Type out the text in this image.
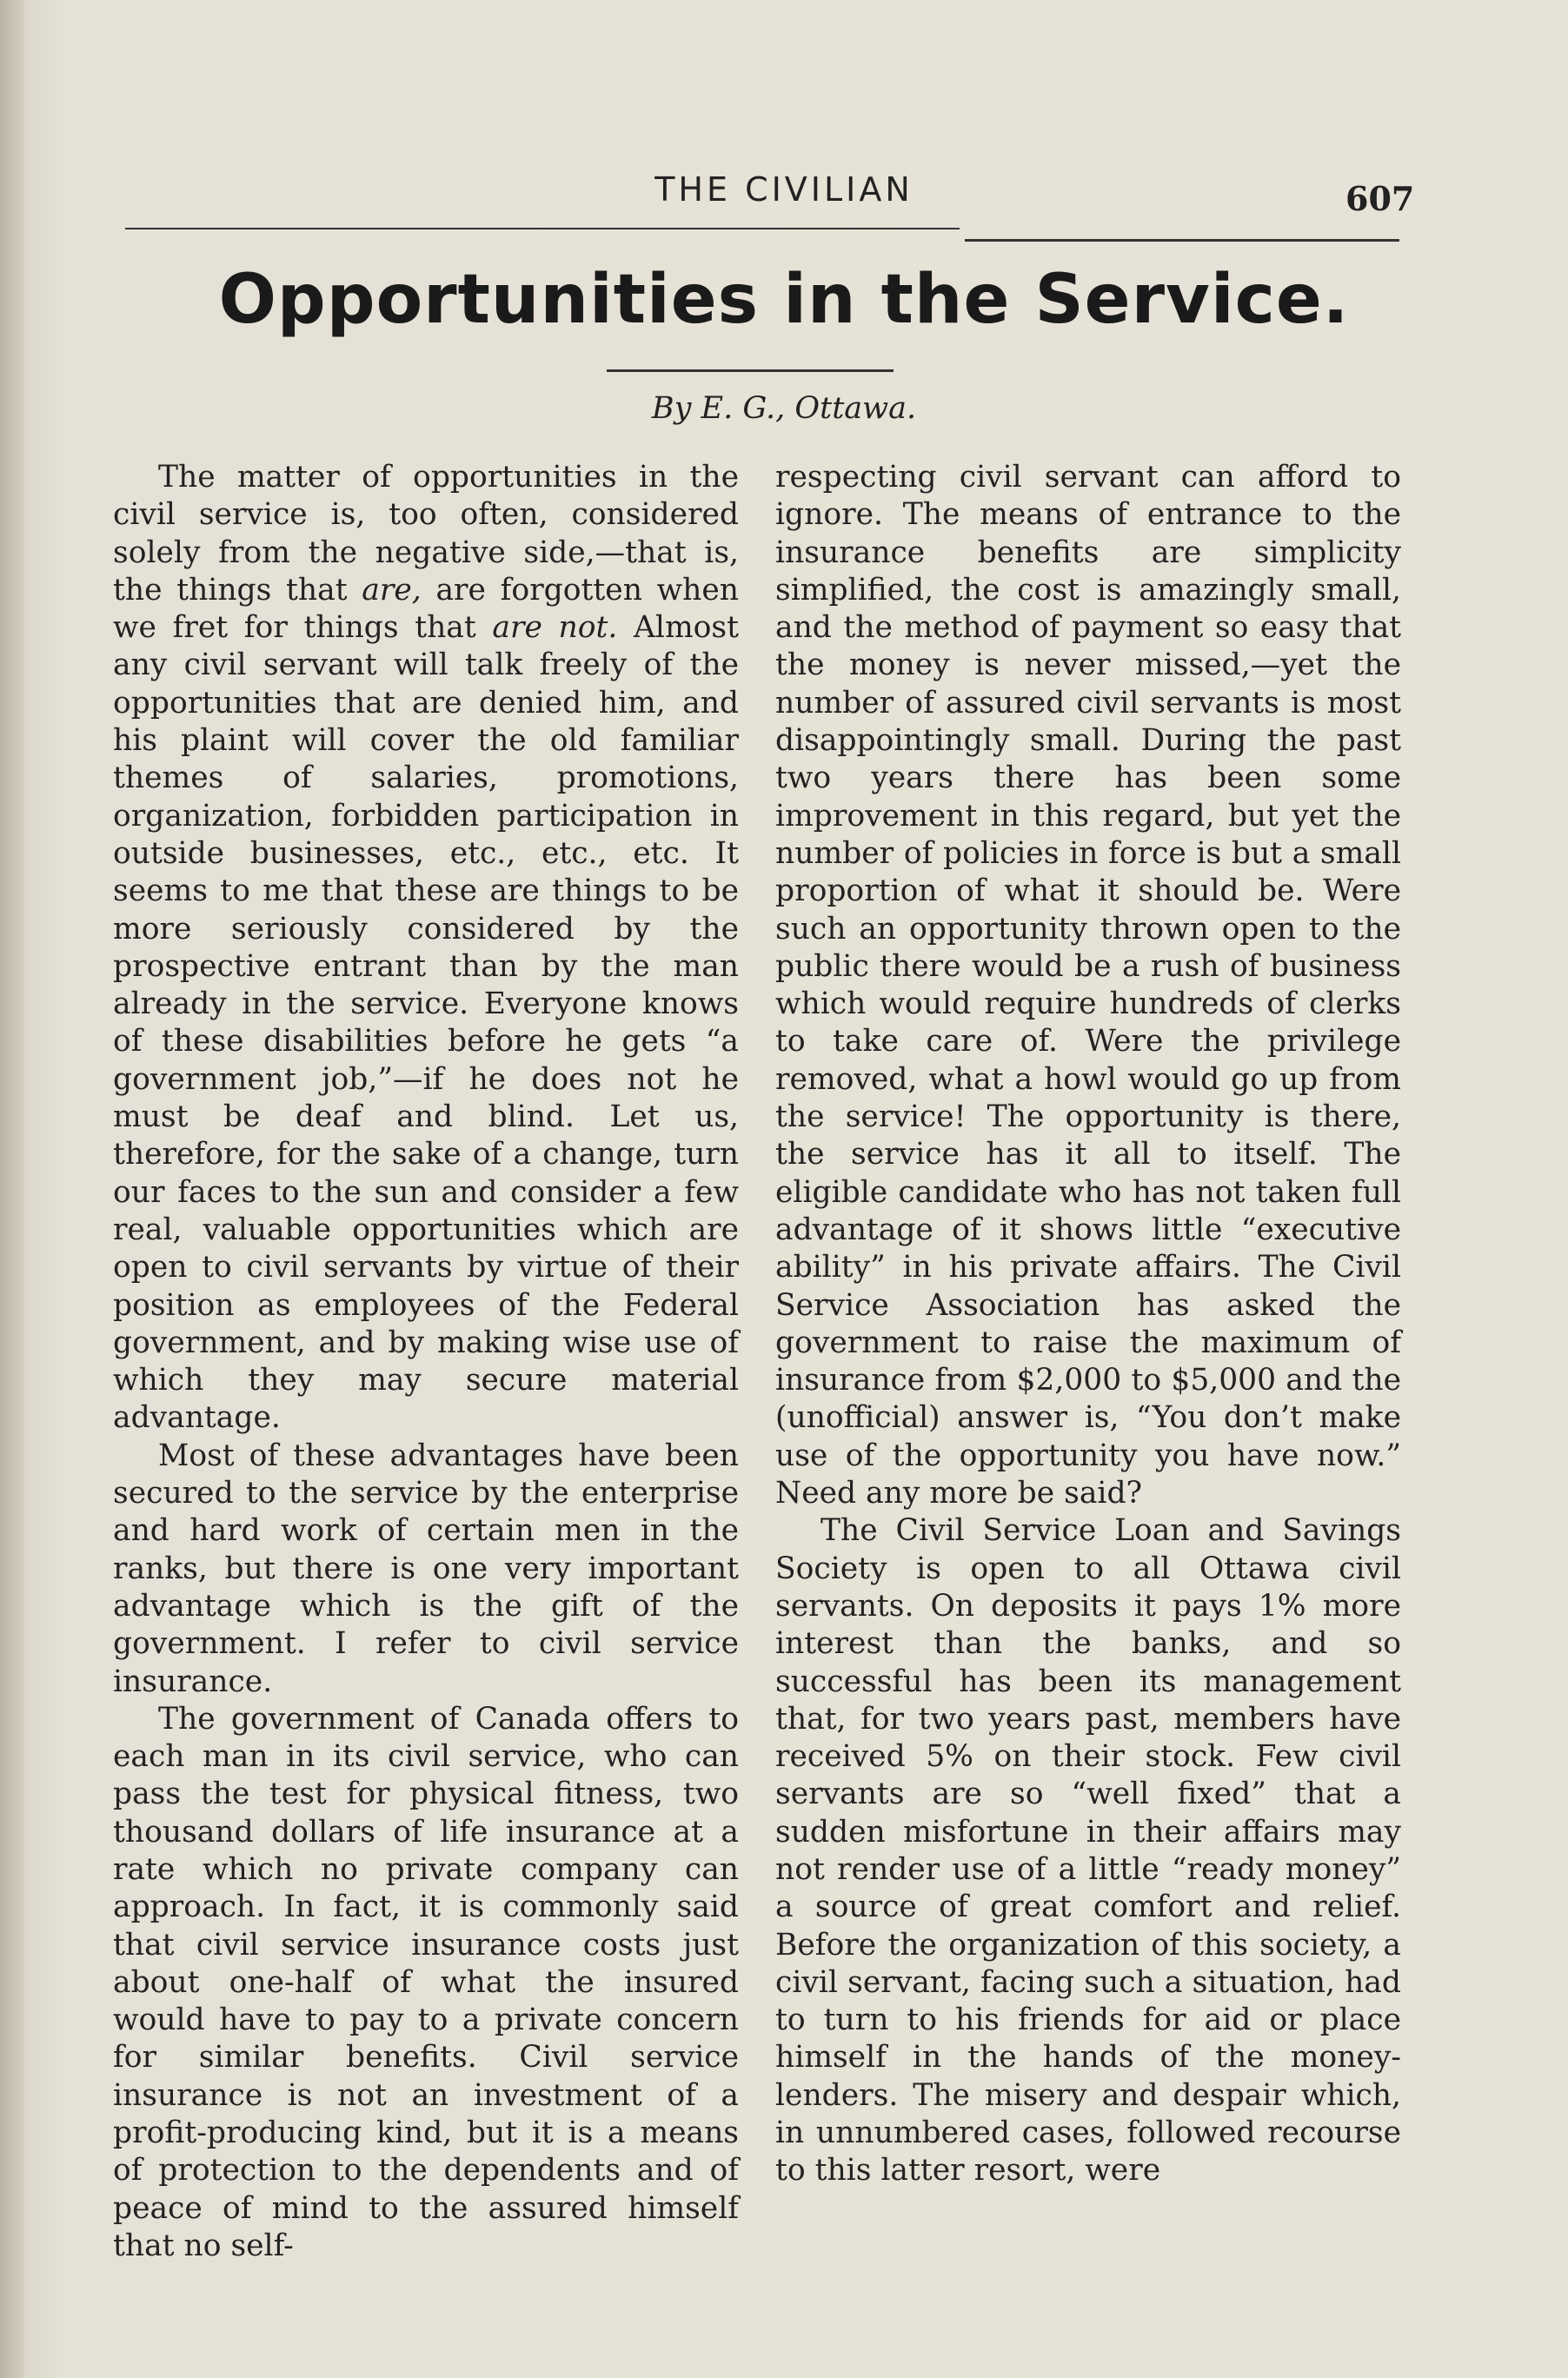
THE CIVILIAN	607
Opportunities in the Service.
By E. G., Ottawa.

The matter of opportunities in the civil service is, too often, considered solely from the negative side,—that is, the things that are, are forgotten when we fret for things that are not. Almost any civil servant will talk freely of the opportunities that are denied him, and his plaint will cover the old familiar themes of salaries, promotions, organization, forbidden participation in outside businesses, etc., etc., etc. It seems to me that these are things to be more seriously considered by the prospective entrant than by the man already in the service. Everyone knows of these disabilities before he gets “a government job,”—if he does not he must be deaf and blind. Let us, therefore, for the sake of a change, turn our faces to the sun and consider a few real, valuable opportunities which are open to civil servants by virtue of their position as employees of the Federal government, and by making wise use of which they may secure material advantage.

Most of these advantages have been secured to the service by the enterprise and hard work of certain men in the ranks, but there is one very important advantage which is the gift of the government. I refer to civil service insurance.

The government of Canada offers to each man in its civil service, who can pass the test for physical fitness, two thousand dollars of life insurance at a rate which no private company can approach. In fact, it is commonly said that civil service insurance costs just about one-half of what the insured would have to pay to a private concern for similar benefits. Civil service insurance is not an investment of a profit-producing kind, but it is a means of protection to the dependents and of peace of mind to the assured himself that no self-

respecting civil servant can afford to ignore. The means of entrance to the insurance benefits are simplicity simplified, the cost is amazingly small, and the method of payment so easy that the money is never missed,—yet the number of assured civil servants is most disappointingly small. During the past two years there has been some improvement in this regard, but yet the number of policies in force is but a small proportion of what it should be. Were such an opportunity thrown open to the public there would be a rush of business which would require hundreds of clerks to take care of. Were the privilege removed, what a howl would go up from the service! The opportunity is there, the service has it all to itself. The eligible candidate who has not taken full advantage of it shows little “executive ability” in his private affairs. The Civil Service Association has asked the government to raise the maximum of insurance from $2,000 to $5,000 and the (unofficial) answer is, “You don’t make use of the opportunity you have now.” Need any more be said?

The Civil Service Loan and Savings Society is open to all Ottawa civil servants. On deposits it pays 1% more interest than the banks, and so successful has been its management that, for two years past, members have received 5% on their stock. Few civil servants are so “well fixed” that a sudden misfortune in their affairs may not render use of a little “ready money” a source of great comfort and relief. Before the organization of this society, a civil servant, facing such a situation, had to turn to his friends for aid or place himself in the hands of the money-lenders. The misery and despair which, in unnumbered cases, followed recourse to this latter resort, were
